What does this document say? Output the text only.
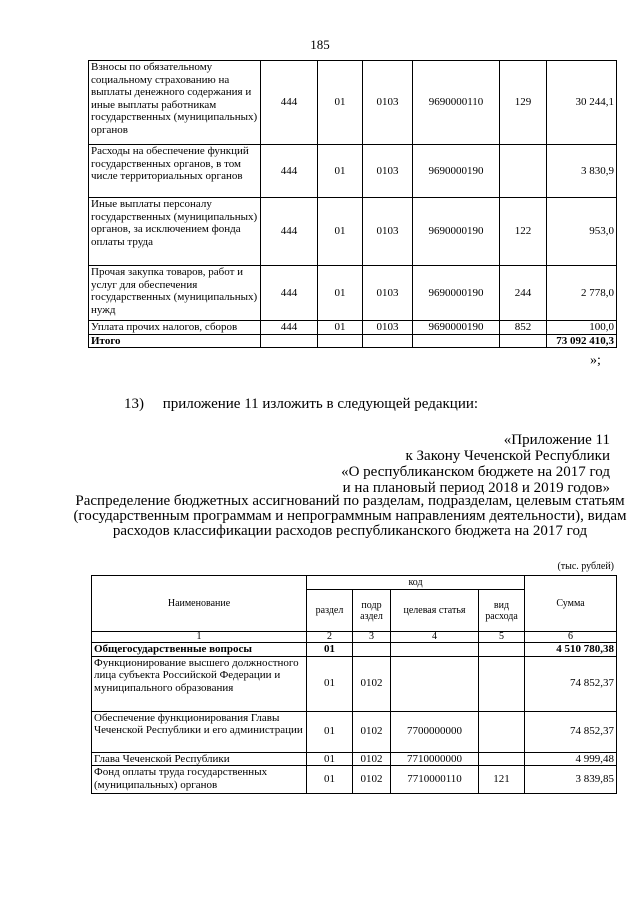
185
Взносы по обязательному социальному страхованию на выплаты денежного содержания и иные выплаты работникам государственных (муниципальных) органов	444	01	0103	9690000110	129	30 244,1
Расходы на обеспечение функций государственных органов, в том числе территориальных органов	444	01	0103	9690000190		3 830,9
Иные выплаты персоналу государственных (муниципальных) органов, за исключением фонда оплаты труда	444	01	0103	9690000190	122	953,0
Прочая закупка товаров, работ и услуг для обеспечения государственных (муниципальных) нужд	444	01	0103	9690000190	244	2 778,0
Уплата прочих налогов, сборов	444	01	0103	9690000190	852	100,0
Итого						73 092 410,3
»;
13)     приложение 11 изложить в следующей редакции:
«Приложение 11
к Закону Чеченской Республики
«О республиканском бюджете на 2017 год
и на плановый период 2018 и 2019 годов»
Распределение бюджетных ассигнований по разделам, подразделам, целевым статьям (государственным программам и непрограммным направлениям деятельности), видам расходов классификации расходов республиканского бюджета на 2017 год
(тыс. рублей)
Наименование	код				Сумма
	раздел	подр аздел	целевая статья	вид расхода	
1	2	3	4	5	6
Общегосударственные вопросы	01				4 510 780,38
Функционирование высшего должностного лица субъекта Российской Федерации и муниципального образования	01	0102			74 852,37
Обеспечение функционирования Главы Чеченской Республики и его администрации	01	0102	7700000000		74 852,37
Глава Чеченской Республики	01	0102	7710000000		4 999,48
Фонд оплаты труда государственных (муниципальных) органов	01	0102	7710000110	121	3 839,85
